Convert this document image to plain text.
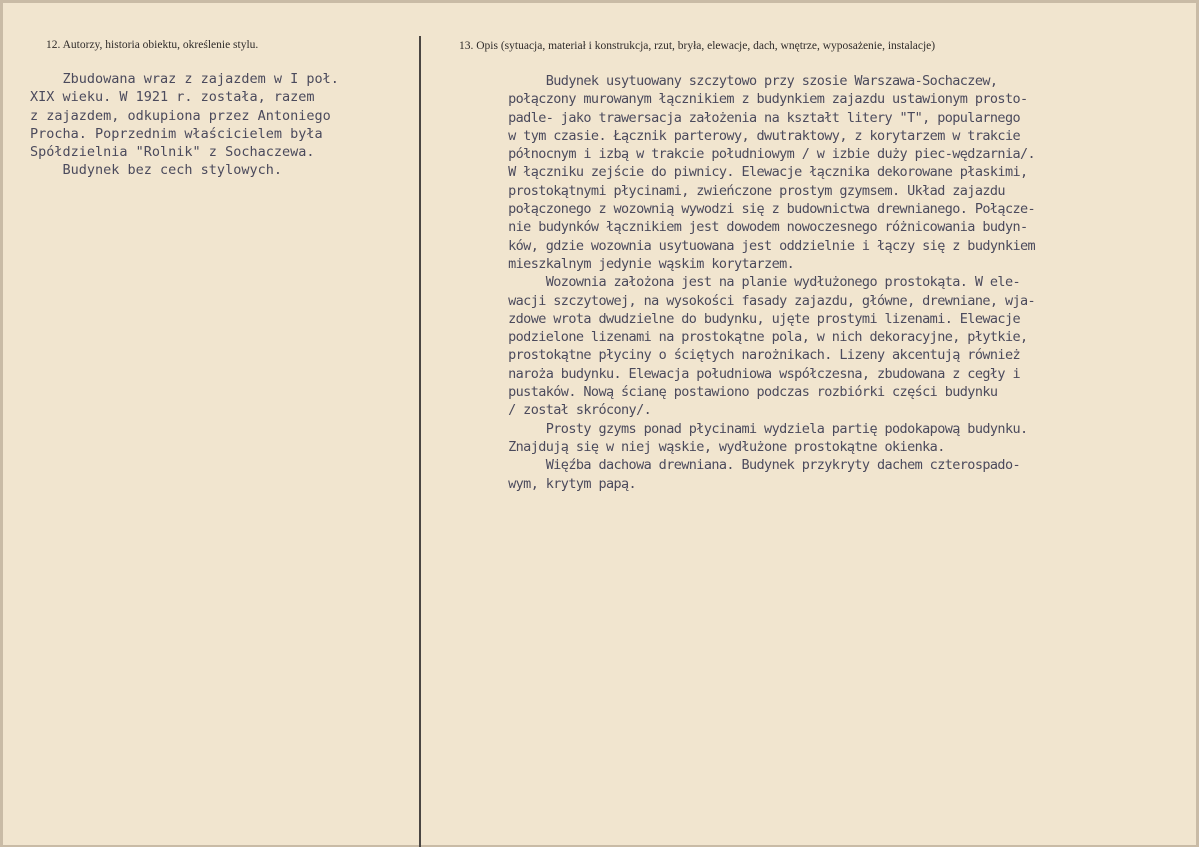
12. Autorzy, historia obiektu, określenie stylu.	13. Opis (sytuacja, materiał i konstrukcja, rzut, bryła, elewacje, dach, wnętrze, wyposażenie, instalacje)

Zbudowana wraz z zajazdem w I poł.

XIX wieku. W 1921 r. została, razem

z zajazdem, odkupiona przez Antoniego

Procha. Poprzednim właścicielem była

Spółdzielnia "Rolnik" z Sochaczewa.

Budynek bez cech stylowych.

Budynek usytuowany szczytowo przy szosie Warszawa-Sochaczew,

połączony murowanym łącznikiem z budynkiem zajazdu ustawionym prosto-

padle- jako trawersacja założenia na kształt litery "T", popularnego

w tym czasie. Łącznik parterowy, dwutraktowy, z korytarzem w trakcie

północnym i izbą w trakcie południowym / w izbie duży piec-wędzarnia/.

W łączniku zejście do piwnicy. Elewacje łącznika dekorowane płaskimi,

prostokątnymi płycinami, zwieńczone prostym gzymsem. Układ zajazdu

połączonego z wozownią wywodzi się z budownictwa drewnianego. Połącze-

nie budynków łącznikiem jest dowodem nowoczesnego różnicowania budyn-

ków, gdzie wozownia usytuowana jest oddzielnie i łączy się z budynkiem

mieszkalnym jedynie wąskim korytarzem.

Wozownia założona jest na planie wydłużonego prostokąta. W ele-

wacji szczytowej, na wysokości fasady zajazdu, główne, drewniane, wja-

zdowe wrota dwudzielne do budynku, ujęte prostymi lizenami. Elewacje

podzielone lizenami na prostokątne pola, w nich dekoracyjne, płytkie,

prostokątne płyciny o ściętych narożnikach. Lizeny akcentują również

naroża budynku. Elewacja południowa współczesna, zbudowana z cegły i

pustaków. Nową ścianę postawiono podczas rozbiórki części budynku

/ został skrócony/.

Prosty gzyms ponad płycinami wydziela partię podokapową budynku.

Znajdują się w niej wąskie, wydłużone prostokątne okienka.

Więźba dachowa drewniana. Budynek przykryty dachem czterospado-

wym, krytym papą.
